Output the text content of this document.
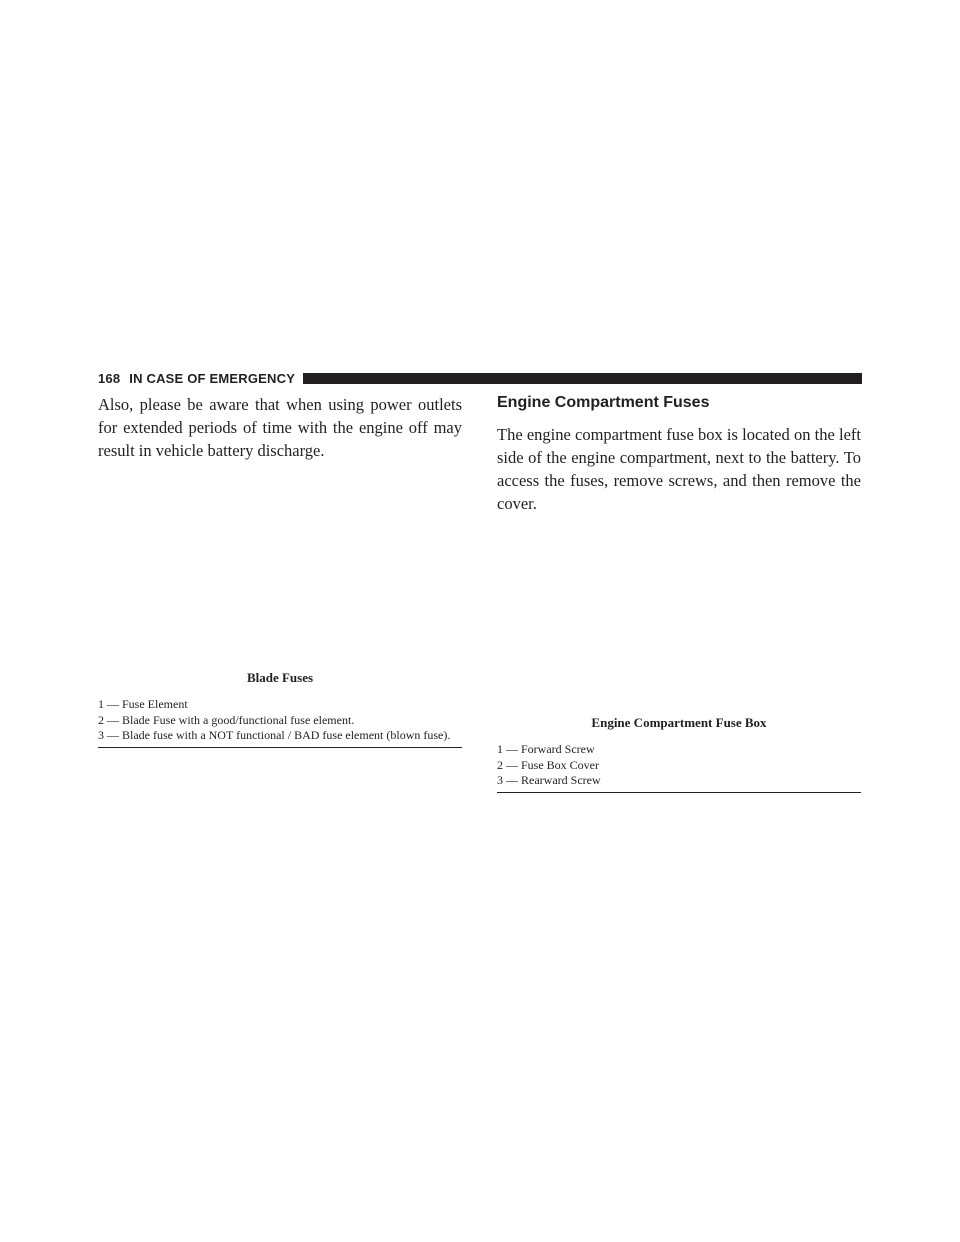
168 IN CASE OF EMERGENCY

Also, please be aware that when using power outlets for extended periods of time with the engine off may result in vehicle battery discharge.

Blade Fuses

1 — Fuse Element

2 — Blade Fuse with a good/functional fuse element.

3 — Blade fuse with a NOT functional / BAD fuse element (blown fuse).

Engine Compartment Fuses

The engine compartment fuse box is located on the left side of the engine compartment, next to the battery. To access the fuses, remove screws, and then remove the cover.

Engine Compartment Fuse Box

1 — Forward Screw

2 — Fuse Box Cover

3 — Rearward Screw
